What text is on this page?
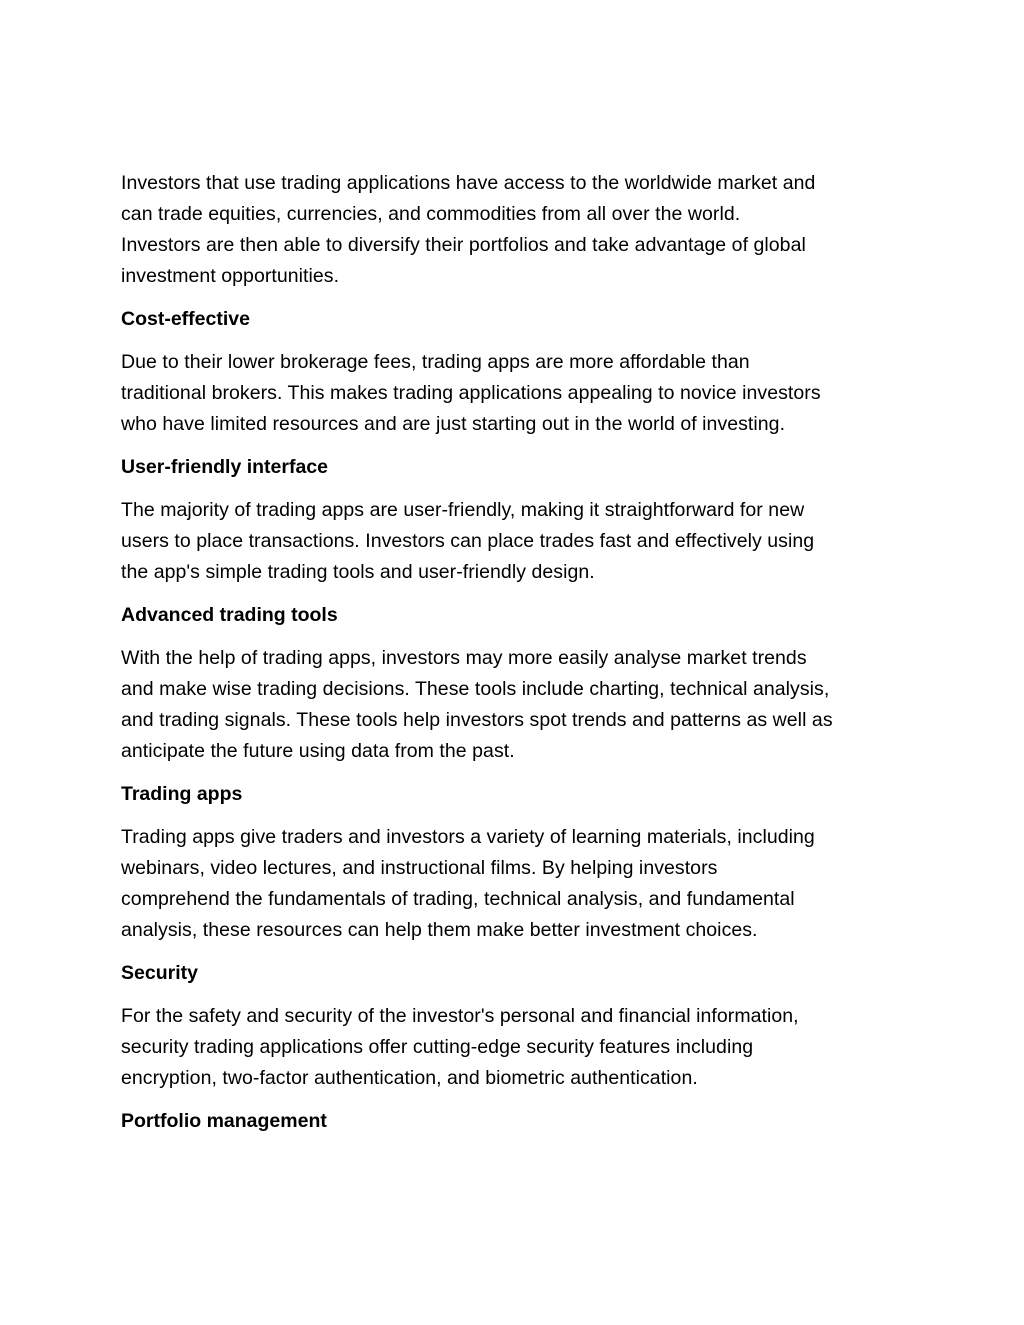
Investors that use trading applications have access to the worldwide market and
can trade equities, currencies, and commodities from all over the world.
Investors are then able to diversify their portfolios and take advantage of global
investment opportunities.

Cost-effective

Due to their lower brokerage fees, trading apps are more affordable than
traditional brokers. This makes trading applications appealing to novice investors
who have limited resources and are just starting out in the world of investing.

User-friendly interface

The majority of trading apps are user-friendly, making it straightforward for new
users to place transactions. Investors can place trades fast and effectively using
the app's simple trading tools and user-friendly design.

Advanced trading tools

With the help of trading apps, investors may more easily analyse market trends
and make wise trading decisions. These tools include charting, technical analysis,
and trading signals. These tools help investors spot trends and patterns as well as
anticipate the future using data from the past.

Trading apps

Trading apps give traders and investors a variety of learning materials, including
webinars, video lectures, and instructional films. By helping investors
comprehend the fundamentals of trading, technical analysis, and fundamental
analysis, these resources can help them make better investment choices.

Security

For the safety and security of the investor's personal and financial information,
security trading applications offer cutting-edge security features including
encryption, two-factor authentication, and biometric authentication.

Portfolio management
